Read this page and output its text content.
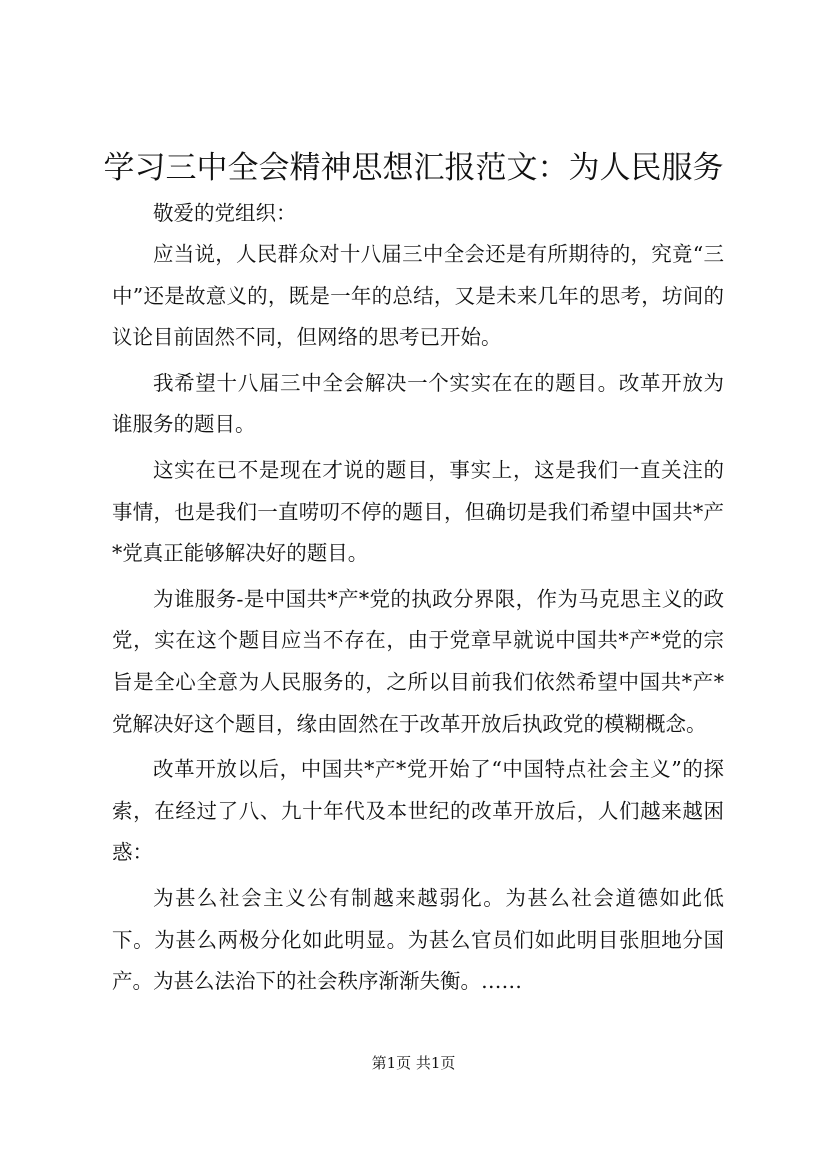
学习三中全会精神思想汇报范文：为人民服务

敬爱的党组织：

应当说，人民群众对十八届三中全会还是有所期待的，究竟“三中”还是故意义的，既是一年的总结，又是未来几年的思考，坊间的议论目前固然不同，但网络的思考已开始。

我希望十八届三中全会解决一个实实在在的题目。改革开放为谁服务的题目。

这实在已不是现在才说的题目，事实上，这是我们一直关注的事情，也是我们一直唠叨不停的题目，但确切是我们希望中国共*产*党真正能够解决好的题目。

为谁服务-是中国共*产*党的执政分界限，作为马克思主义的政党，实在这个题目应当不存在，由于党章早就说中国共*产*党的宗旨是全心全意为人民服务的，之所以目前我们依然希望中国共*产*党解决好这个题目，缘由固然在于改革开放后执政党的模糊概念。

改革开放以后，中国共*产*党开始了“中国特点社会主义”的探索，在经过了八、九十年代及本世纪的改革开放后，人们越来越困惑：

为甚么社会主义公有制越来越弱化。为甚么社会道德如此低下。为甚么两极分化如此明显。为甚么官员们如此明目张胆地分国产。为甚么法治下的社会秩序渐渐失衡。……

第1页 共1页
